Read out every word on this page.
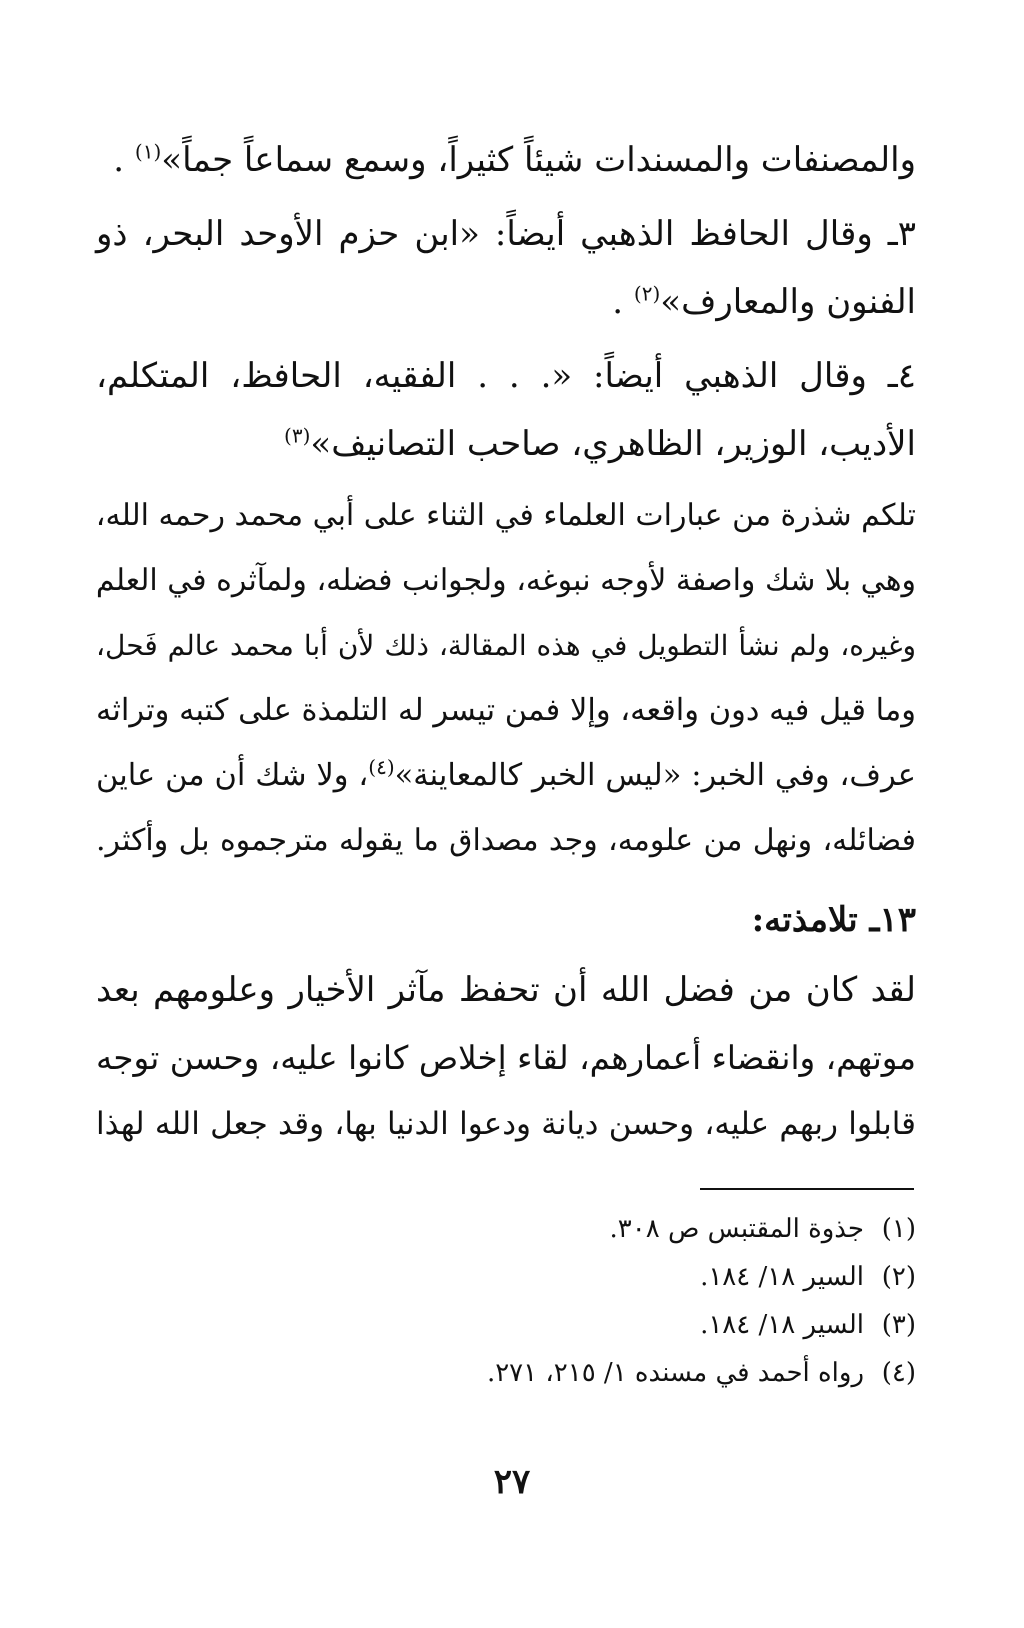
والمصنفات والمسندات شيئاً كثيراً، وسمع سماعاً جماً»$^{(١)}$ .
٣ـ وقال الحافظ الذهبي أيضاً: «ابن حزم الأوحد البحر، ذو
الفنون والمعارف»$^{(٢)}$ .
٤ـ وقال الذهبي أيضاً: «. . . الفقيه، الحافظ، المتكلم،
الأديب، الوزير، الظاهري، صاحب التصانيف»$^{(٣)}$
تلكم شذرة من عبارات العلماء في الثناء على أبي محمد رحمه الله،
وهي بلا شك واصفة لأوجه نبوغه، ولجوانب فضله، ولمآثره في العلم
وغيره، ولم نشأ التطويل في هذه المقالة، ذلك لأن أبا محمد عالم فَحل،
وما قيل فيه دون واقعه، وإلا فمن تيسر له التلمذة على كتبه وتراثه
عرف، وفي الخبر: «ليس الخبر كالمعاينة»$^{(٤)}$، ولا شك أن من عاين
فضائله، ونهل من علومه، وجد مصداق ما يقوله مترجموه بل وأكثر.
١٣ـ تلامذته:
لقد كان من فضل الله أن تحفظ مآثر الأخيار وعلومهم بعد
موتهم، وانقضاء أعمارهم، لقاء إخلاص كانوا عليه، وحسن توجه
قابلوا ربهم عليه، وحسن ديانة ودعوا الدنيا بها، وقد جعل الله لهذا
(١)جذوة المقتبس ص ٣٠٨.
(٢)السير ١٨/ ١٨٤.
(٣)السير ١٨/ ١٨٤.
(٤)رواه أحمد في مسنده ١/ ٢١٥، ٢٧١.
٢٧
